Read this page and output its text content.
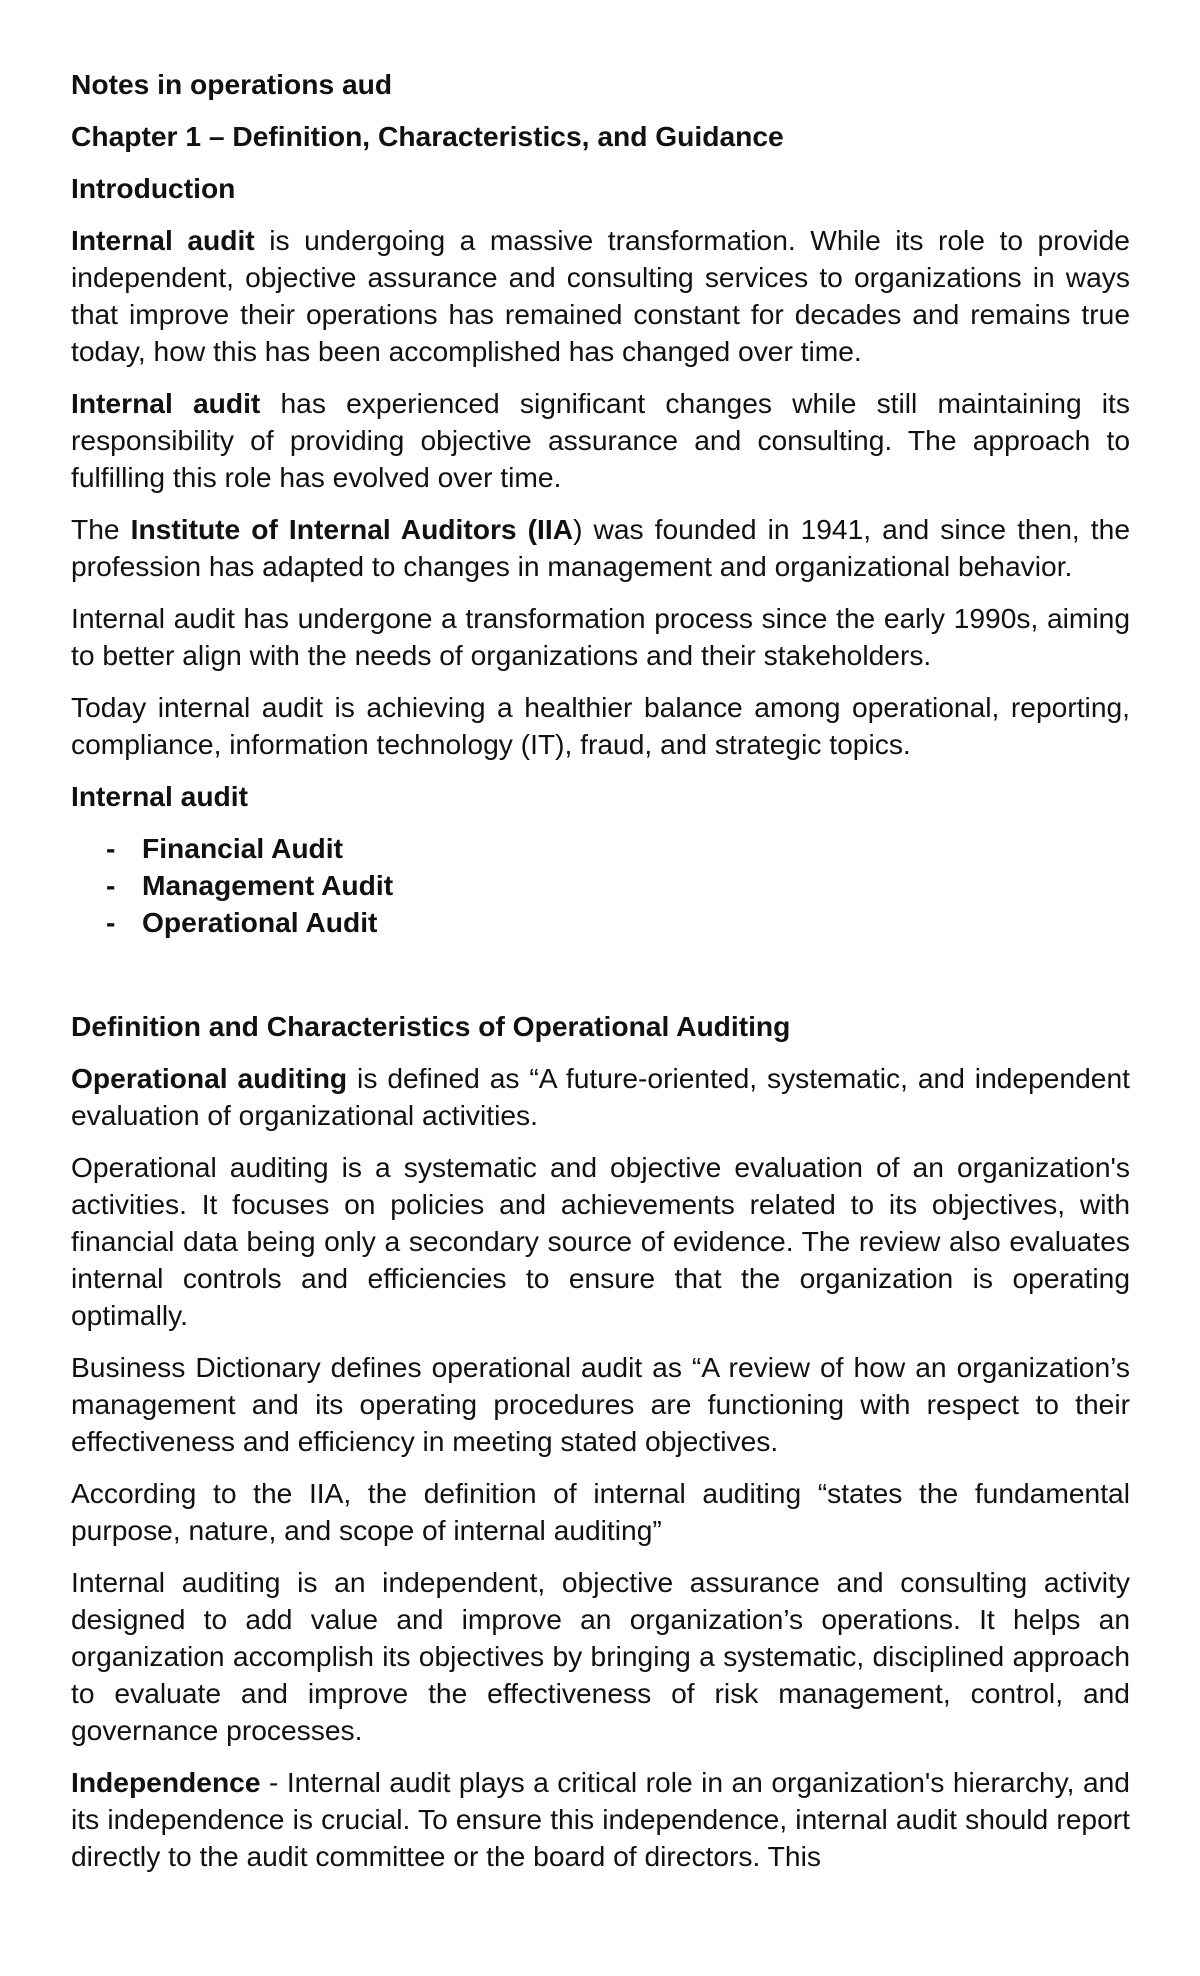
Notes in operations aud

Chapter 1 – Definition, Characteristics, and Guidance

Introduction

Internal audit is undergoing a massive transformation. While its role to provide independent, objective assurance and consulting services to organizations in ways that improve their operations has remained constant for decades and remains true today, how this has been accomplished has changed over time.

Internal audit has experienced significant changes while still maintaining its responsibility of providing objective assurance and consulting. The approach to fulfilling this role has evolved over time.

The Institute of Internal Auditors (IIA) was founded in 1941, and since then, the profession has adapted to changes in management and organizational behavior.

Internal audit has undergone a transformation process since the early 1990s, aiming to better align with the needs of organizations and their stakeholders.

Today internal audit is achieving a healthier balance among operational, reporting, compliance, information technology (IT), fraud, and strategic topics.

Internal audit

- Financial Audit
- Management Audit
- Operational Audit

Definition and Characteristics of Operational Auditing

Operational auditing is defined as “A future-oriented, systematic, and independent evaluation of organizational activities.

Operational auditing is a systematic and objective evaluation of an organization's activities. It focuses on policies and achievements related to its objectives, with financial data being only a secondary source of evidence. The review also evaluates internal controls and efficiencies to ensure that the organization is operating optimally.

Business Dictionary defines operational audit as “A review of how an organization’s management and its operating procedures are functioning with respect to their effectiveness and efficiency in meeting stated objectives.

According to the IIA, the definition of internal auditing “states the fundamental purpose, nature, and scope of internal auditing”

Internal auditing is an independent, objective assurance and consulting activity designed to add value and improve an organization’s operations. It helps an organization accomplish its objectives by bringing a systematic, disciplined approach to evaluate and improve the effectiveness of risk management, control, and governance processes.

Independence - Internal audit plays a critical role in an organization's hierarchy, and its independence is crucial. To ensure this independence, internal audit should report directly to the audit committee or the board of directors. This
